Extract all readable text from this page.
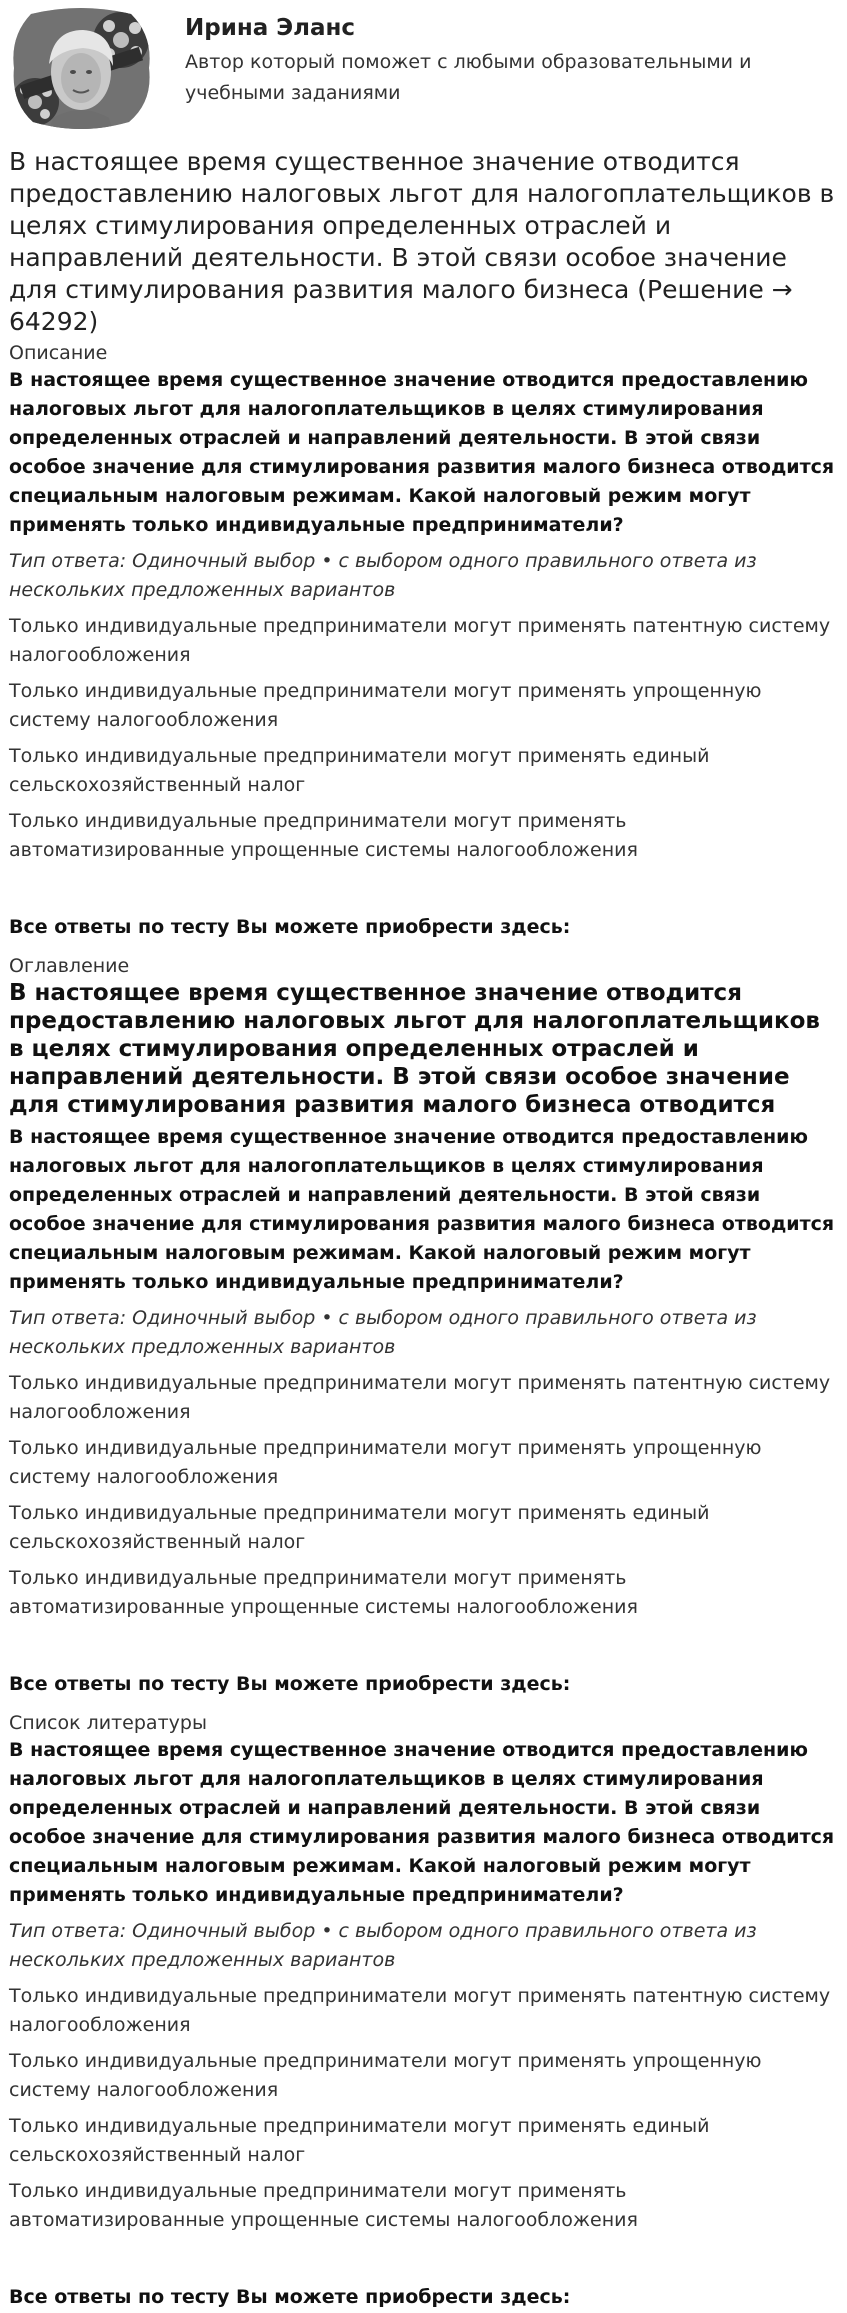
Ирина Эланс
Автор который поможет с любыми образовательными и учебными заданиями
В настоящее время существенное значение отводится предоставлению налоговых льгот для налогоплательщиков в целях стимулирования определенных отраслей и направлений деятельности. В этой связи особое значение для стимулирования развития малого бизнеса (Решение → 64292)
Описание

В настоящее время существенное значение отводится предоставлению налоговых льгот для налогоплательщиков в целях стимулирования определенных отраслей и направлений деятельности. В этой связи особое значение для стимулирования развития малого бизнеса отводится специальным налоговым режимам. Какой налоговый режим могут применять только индивидуальные предприниматели?

Тип ответа: Одиночный выбор • с выбором одного правильного ответа из нескольких предложенных вариантов

Только индивидуальные предприниматели могут применять патентную систему налогообложения

Только индивидуальные предприниматели могут применять упрощенную систему налогообложения

Только индивидуальные предприниматели могут применять единый сельскохозяйственный налог

Только индивидуальные предприниматели могут применять автоматизированные упрощенные системы налогообложения

Все ответы по тесту Вы можете приобрести здесь:

Оглавление
В настоящее время существенное значение отводится предоставлению налоговых льгот для налогоплательщиков в целях стимулирования определенных отраслей и направлений деятельности. В этой связи особое значение для стимулирования развития малого бизнеса отводится

В настоящее время существенное значение отводится предоставлению налоговых льгот для налогоплательщиков в целях стимулирования определенных отраслей и направлений деятельности. В этой связи особое значение для стимулирования развития малого бизнеса отводится специальным налоговым режимам. Какой налоговый режим могут применять только индивидуальные предприниматели?

Тип ответа: Одиночный выбор • с выбором одного правильного ответа из нескольких предложенных вариантов

Только индивидуальные предприниматели могут применять патентную систему налогообложения

Только индивидуальные предприниматели могут применять упрощенную систему налогообложения

Только индивидуальные предприниматели могут применять единый сельскохозяйственный налог

Только индивидуальные предприниматели могут применять автоматизированные упрощенные системы налогообложения

Все ответы по тесту Вы можете приобрести здесь:

Список литературы

В настоящее время существенное значение отводится предоставлению налоговых льгот для налогоплательщиков в целях стимулирования определенных отраслей и направлений деятельности. В этой связи особое значение для стимулирования развития малого бизнеса отводится специальным налоговым режимам. Какой налоговый режим могут применять только индивидуальные предприниматели?

Тип ответа: Одиночный выбор • с выбором одного правильного ответа из нескольких предложенных вариантов

Только индивидуальные предприниматели могут применять патентную систему налогообложения

Только индивидуальные предприниматели могут применять упрощенную систему налогообложения

Только индивидуальные предприниматели могут применять единый сельскохозяйственный налог

Только индивидуальные предприниматели могут применять автоматизированные упрощенные системы налогообложения

Все ответы по тесту Вы можете приобрести здесь:
